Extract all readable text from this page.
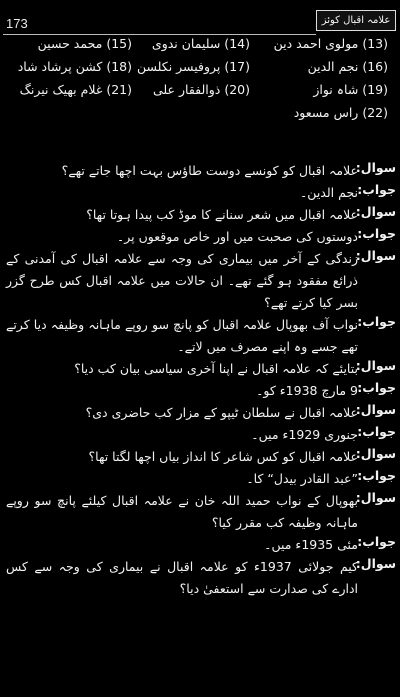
173	علامہ اقبال کوئز
(13) مولوی احمد دین
(14) سلیمان ندوی
(15) محمد حسین
(16) نجم الدین
(17) پروفیسر نکلسن
(18) کشن پرشاد شاد
(19) شاہ نواز
(20) ذوالفقار علی
(21) غلام بھیک نیرنگ
(22) راس مسعود
سوال:
علامہ اقبال کو کونسے دوست طاؤس بہت اچھا جاتے تھے؟
جواب:
نجم الدین۔
سوال:
علامہ اقبال میں شعر سنانے کا موڈ کب پیدا ہوتا تھا؟
جواب:
دوستوں کی صحبت میں اور خاص موقعوں پر۔
سوال:
زندگی کے آخر میں بیماری کی وجہ سے علامہ اقبال کی آمدنی کے ذرائع مفقود ہو گئے تھے۔ ان حالات میں علامہ اقبال کس طرح گزر بسر کیا کرتے تھے؟
جواب:
نواب آف بھوپال علامہ اقبال کو پانچ سو روپے ماہانہ وظیفہ دیا کرتے تھے جسے وہ اپنے مصرف میں لاتے۔
سوال:
بتایئے کہ علامہ اقبال نے اپنا آخری سیاسی بیان کب دیا؟
جواب:
9 مارچ 1938ء کو۔
سوال:
علامہ اقبال نے سلطان ٹیپو کے مزار کب حاضری دی؟
جواب:
جنوری 1929ء میں۔
سوال:
علامہ اقبال کو کس شاعر کا انداز بیاں اچھا لگتا تھا؟
جواب:
”عبد القادر بیدل“ کا۔
سوال:
بھوپال کے نواب حمید اللہ خان نے علامہ اقبال کیلئے پانچ سو روپے ماہانہ وظیفہ کب مقرر کیا؟
جواب:
مئی 1935ء میں۔
سوال:
کیم جولائی 1937ء کو علامہ اقبال نے بیماری کی وجہ سے کس ادارے کی صدارت سے استعفیٰ دیا؟
